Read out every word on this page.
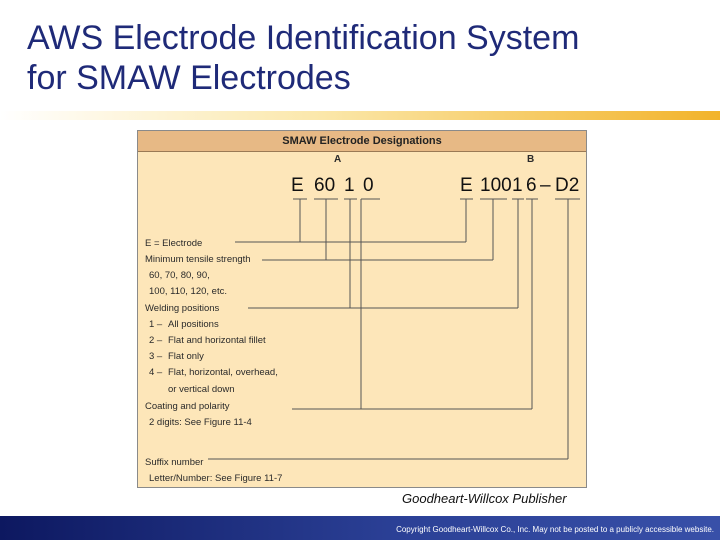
AWS Electrode Identification System
for SMAW Electrodes
SMAW Electrode Designations
A	B
E 60 1 0	E 100 1 6 – D2
E = Electrode
Minimum tensile strength
60, 70, 80, 90,
100, 110, 120, etc.
Welding positions
1 – All positions
2 – Flat and horizontal fillet
3 – Flat only
4 – Flat, horizontal, overhead,
or vertical down
Coating and polarity
2 digits: See Figure 11-4
Suffix number
Letter/Number: See Figure 11-7
Goodheart-Willcox Publisher
Copyright Goodheart-Willcox Co., Inc. May not be posted to a publicly accessible website.
